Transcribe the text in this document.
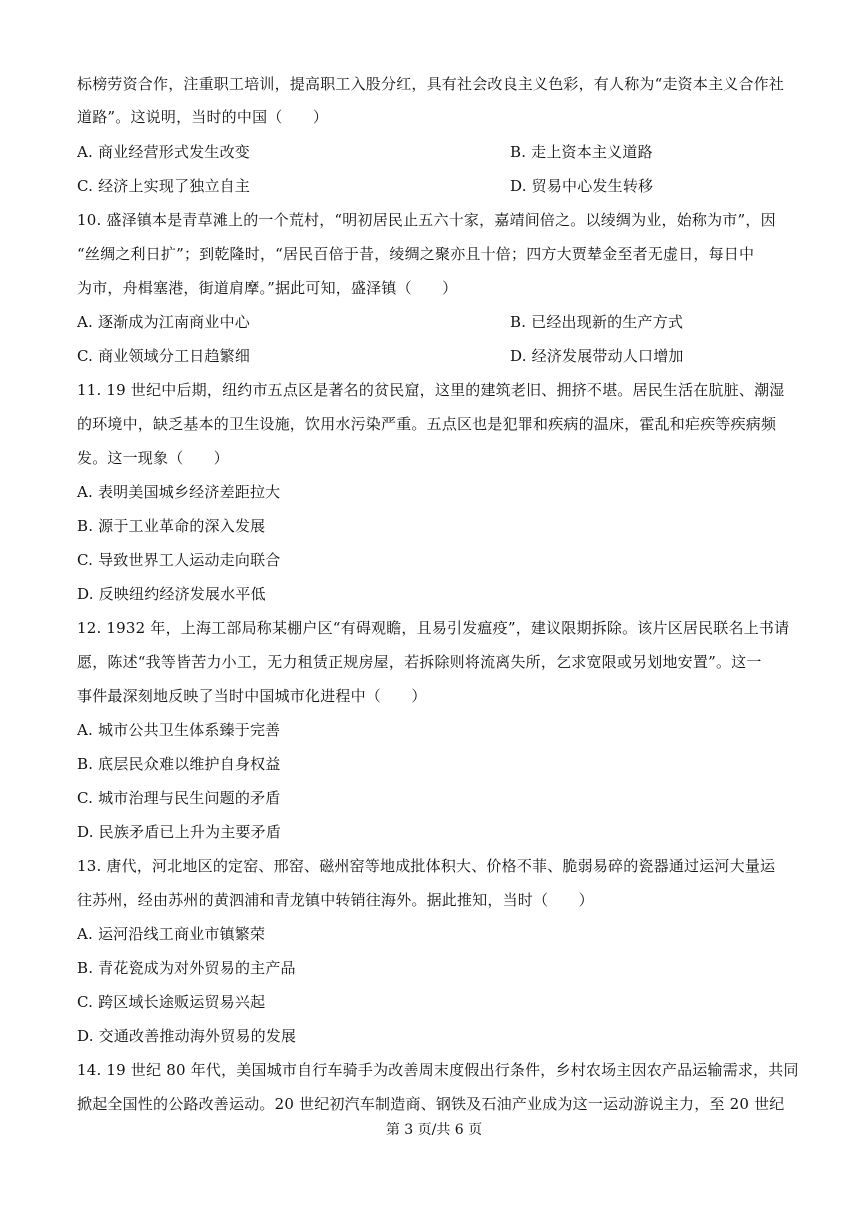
标榜劳资合作，注重职工培训，提高职工入股分红，具有社会改良主义色彩，有人称为“走资本主义合作社
道路”。这说明，当时的中国（　　）
A. 商业经营形式发生改变	B. 走上资本主义道路
C. 经济上实现了独立自主	D. 贸易中心发生转移
10. 盛泽镇本是青草滩上的一个荒村，“明初居民止五六十家，嘉靖间倍之。以绫绸为业，始称为市”，因
“丝绸之利日扩”；到乾隆时，“居民百倍于昔，绫绸之聚亦且十倍；四方大贾辇金至者无虚日，每日中
为市，舟楫塞港，街道肩摩。”据此可知，盛泽镇（　　）
A. 逐渐成为江南商业中心	B. 已经出现新的生产方式
C. 商业领域分工日趋繁细	D. 经济发展带动人口增加
11. 19 世纪中后期，纽约市五点区是著名的贫民窟，这里的建筑老旧、拥挤不堪。居民生活在肮脏、潮湿
的环境中，缺乏基本的卫生设施，饮用水污染严重。五点区也是犯罪和疾病的温床，霍乱和疟疾等疾病频
发。这一现象（　　）
A. 表明美国城乡经济差距拉大
B. 源于工业革命的深入发展
C. 导致世界工人运动走向联合
D. 反映纽约经济发展水平低
12. 1932 年，上海工部局称某棚户区“有碍观瞻，且易引发瘟疫”，建议限期拆除。该片区居民联名上书请
愿，陈述“我等皆苦力小工，无力租赁正规房屋，若拆除则将流离失所，乞求宽限或另划地安置”。这一
事件最深刻地反映了当时中国城市化进程中（　　）
A. 城市公共卫生体系臻于完善
B. 底层民众难以维护自身权益
C. 城市治理与民生问题的矛盾
D. 民族矛盾已上升为主要矛盾
13. 唐代，河北地区的定窑、邢窑、磁州窑等地成批体积大、价格不菲、脆弱易碎的瓷器通过运河大量运
往苏州，经由苏州的黄泗浦和青龙镇中转销往海外。据此推知，当时（　　）
A. 运河沿线工商业市镇繁荣
B. 青花瓷成为对外贸易的主产品
C. 跨区域长途贩运贸易兴起
D. 交通改善推动海外贸易的发展
14. 19 世纪 80 年代，美国城市自行车骑手为改善周末度假出行条件，乡村农场主因农产品运输需求，共同
掀起全国性的公路改善运动。20 世纪初汽车制造商、钢铁及石油产业成为这一运动游说主力，至 20 世纪
第 3 页/共 6 页
